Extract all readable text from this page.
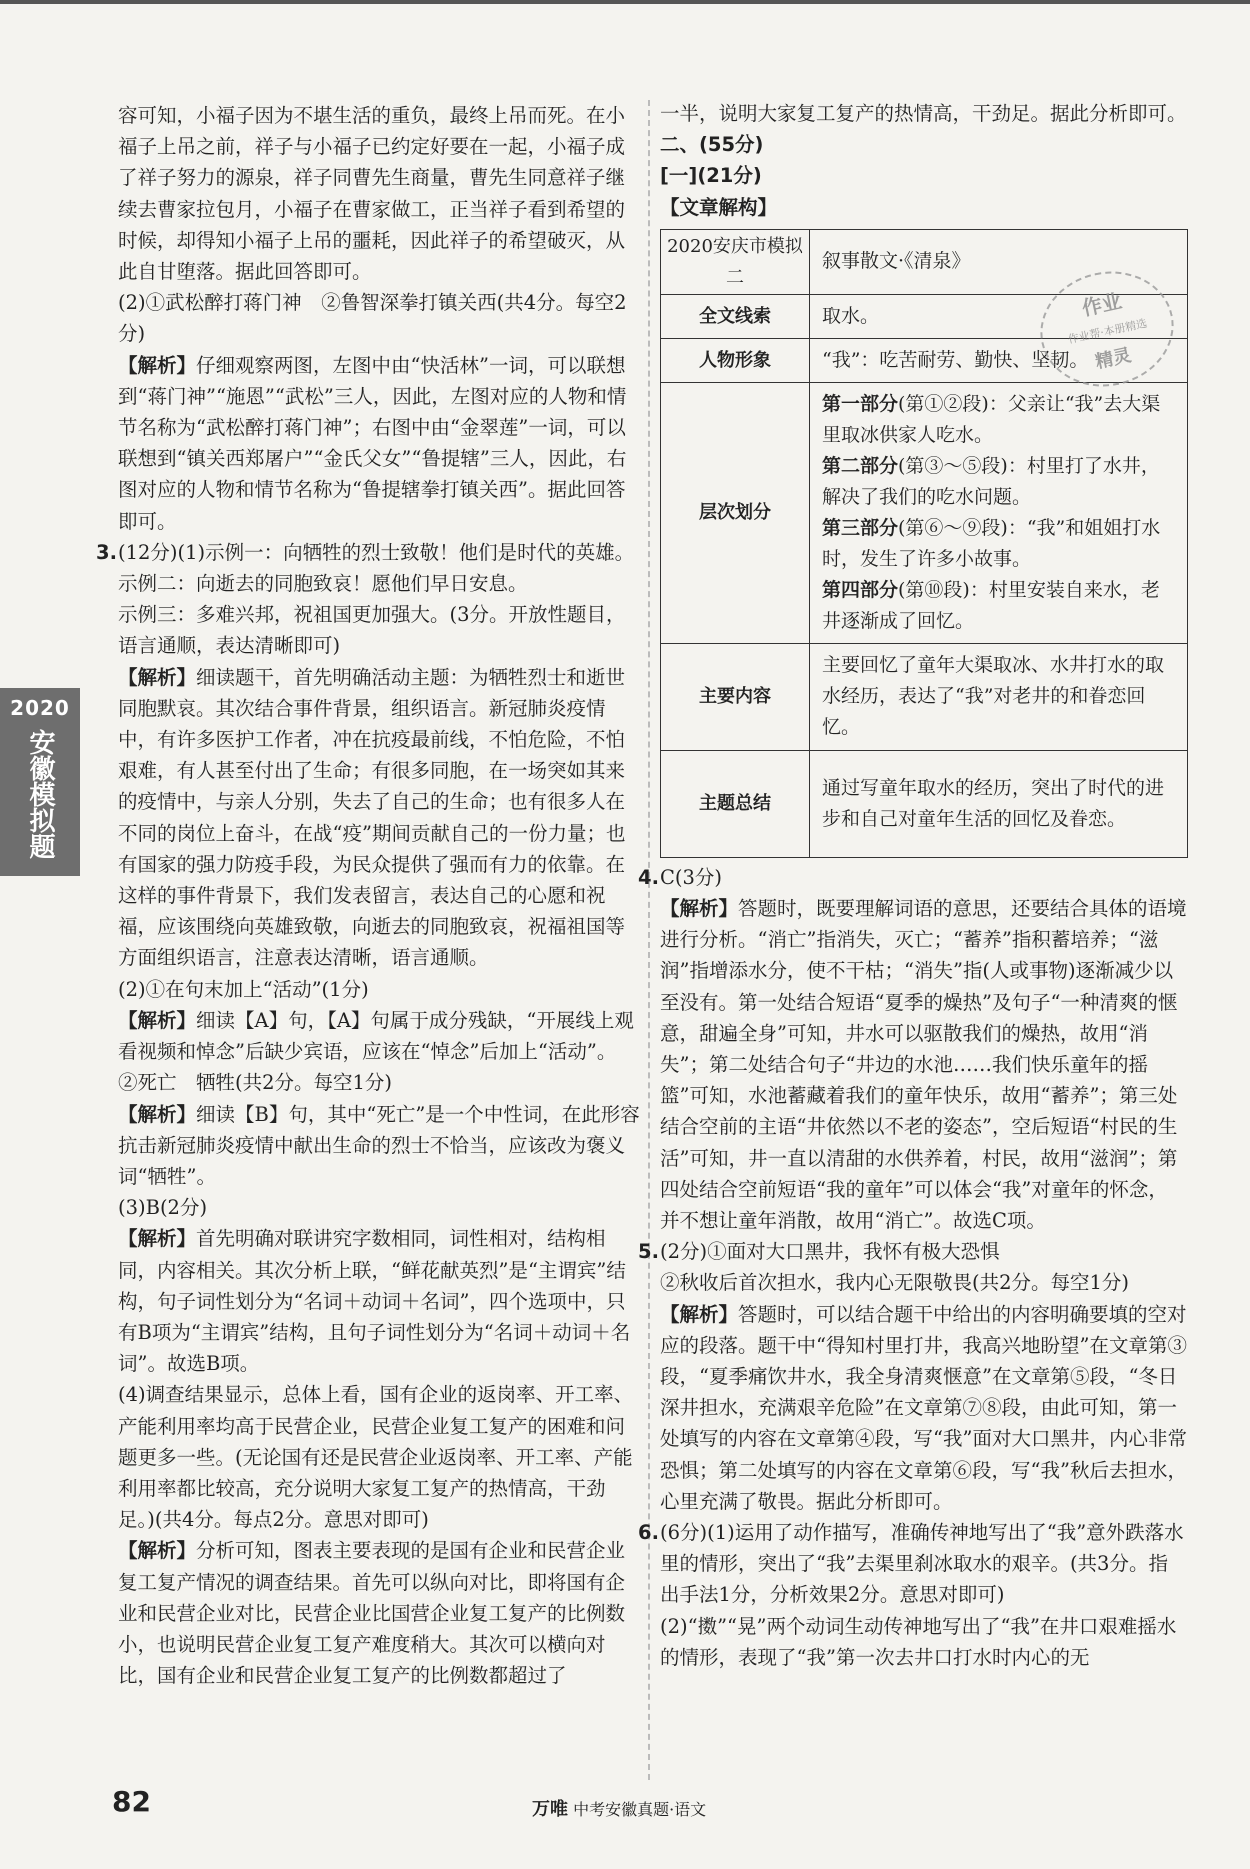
2020
安徽模拟题

容可知，小福子因为不堪生活的重负，最终上吊而死。在小福子上吊之前，祥子与小福子已约定好要在一起，小福子成了祥子努力的源泉，祥子同曹先生商量，曹先生同意祥子继续去曹家拉包月，小福子在曹家做工，正当祥子看到希望的时候，却得知小福子上吊的噩耗，因此祥子的希望破灭，从此自甘堕落。据此回答即可。

(2)①武松醉打蒋门神　②鲁智深拳打镇关西(共4分。每空2分)

【解析】仔细观察两图，左图中由“快活林”一词，可以联想到“蒋门神”“施恩”“武松”三人，因此，左图对应的人物和情节名称为“武松醉打蒋门神”；右图中由“金翠莲”一词，可以联想到“镇关西郑屠户”“金氏父女”“鲁提辖”三人，因此，右图对应的人物和情节名称为“鲁提辖拳打镇关西”。据此回答即可。

3. (12分)(1)示例一：向牺牲的烈士致敬！他们是时代的英雄。

示例二：向逝去的同胞致哀！愿他们早日安息。

示例三：多难兴邦，祝祖国更加强大。(3分。开放性题目，语言通顺，表达清晰即可)

【解析】细读题干，首先明确活动主题：为牺牲烈士和逝世同胞默哀。其次结合事件背景，组织语言。新冠肺炎疫情中，有许多医护工作者，冲在抗疫最前线，不怕危险，不怕艰难，有人甚至付出了生命；有很多同胞，在一场突如其来的疫情中，与亲人分别，失去了自己的生命；也有很多人在不同的岗位上奋斗，在战“疫”期间贡献自己的一份力量；也有国家的强力防疫手段，为民众提供了强而有力的依靠。在这样的事件背景下，我们发表留言，表达自己的心愿和祝福，应该围绕向英雄致敬，向逝去的同胞致哀，祝福祖国等方面组织语言，注意表达清晰，语言通顺。

(2)①在句末加上“活动”(1分)

【解析】细读【A】句，【A】句属于成分残缺，“开展线上观看视频和悼念”后缺少宾语，应该在“悼念”后加上“活动”。

②死亡　牺牲(共2分。每空1分)

【解析】细读【B】句，其中“死亡”是一个中性词，在此形容抗击新冠肺炎疫情中献出生命的烈士不恰当，应该改为褒义词“牺牲”。

(3)B(2分)

【解析】首先明确对联讲究字数相同，词性相对，结构相同，内容相关。其次分析上联，“鲜花献英烈”是“主谓宾”结构，句子词性划分为“名词＋动词＋名词”，四个选项中，只有B项为“主谓宾”结构，且句子词性划分为“名词＋动词＋名词”。故选B项。

(4)调查结果显示，总体上看，国有企业的返岗率、开工率、产能利用率均高于民营企业，民营企业复工复产的困难和问题更多一些。(无论国有还是民营企业返岗率、开工率、产能利用率都比较高，充分说明大家复工复产的热情高，干劲足。)(共4分。每点2分。意思对即可)

【解析】分析可知，图表主要表现的是国有企业和民营企业复工复产情况的调查结果。首先可以纵向对比，即将国有企业和民营企业对比，民营企业比国营企业复工复产的比例数小，也说明民营企业复工复产难度稍大。其次可以横向对比，国有企业和民营企业复工复产的比例数都超过了

一半，说明大家复工复产的热情高，干劲足。据此分析即可。

二、(55分)

[一](21分)

【文章解构】

2020安庆市模拟二	叙事散文·《清泉》
全文线索	取水。
人物形象	“我”：吃苦耐劳、勤快、坚韧。
层次划分	第一部分(第①②段)：父亲让“我”去大渠里取冰供家人吃水。
第二部分(第③～⑤段)：村里打了水井，解决了我们的吃水问题。
第三部分(第⑥～⑨段)：“我”和姐姐打水时，发生了许多小故事。
第四部分(第⑩段)：村里安装自来水，老井逐渐成了回忆。

主要内容	主要回忆了童年大渠取冰、水井打水的取水经历，表达了“我”对老井的和眷恋回忆。
主题总结	通过写童年取水的经历，突出了时代的进步和自己对童年生活的回忆及眷恋。

4. C(3分)

【解析】答题时，既要理解词语的意思，还要结合具体的语境进行分析。“消亡”指消失，灭亡；“蓄养”指积蓄培养；“滋润”指增添水分，使不干枯；“消失”指(人或事物)逐渐减少以至没有。第一处结合短语“夏季的燥热”及句子“一种清爽的惬意，甜遍全身”可知，井水可以驱散我们的燥热，故用“消失”；第二处结合句子“井边的水池……我们快乐童年的摇篮”可知，水池蓄藏着我们的童年快乐，故用“蓄养”；第三处结合空前的主语“井依然以不老的姿态”，空后短语“村民的生活”可知，井一直以清甜的水供养着，村民，故用“滋润”；第四处结合空前短语“我的童年”可以体会“我”对童年的怀念，并不想让童年消散，故用“消亡”。故选C项。

5. (2分)①面对大口黑井，我怀有极大恐惧

②秋收后首次担水，我内心无限敬畏(共2分。每空1分)

【解析】答题时，可以结合题干中给出的内容明确要填的空对应的段落。题干中“得知村里打井，我高兴地盼望”在文章第③段，“夏季痛饮井水，我全身清爽惬意”在文章第⑤段，“冬日深井担水，充满艰辛危险”在文章第⑦⑧段，由此可知，第一处填写的内容在文章第④段，写“我”面对大口黑井，内心非常恐惧；第二处填写的内容在文章第⑥段，写“我”秋后去担水，心里充满了敬畏。据此分析即可。

6. (6分)(1)运用了动作描写，准确传神地写出了“我”意外跌落水里的情形，突出了“我”去渠里刹冰取水的艰辛。(共3分。指出手法1分，分析效果2分。意思对即可)

(2)“擞”“晃”两个动词生动传神地写出了“我”在井口艰难摇水的情形，表现了“我”第一次去井口打水时内心的无

作业
作业帮·本册精选
精灵
82	万唯 中考安徽真题·语文
